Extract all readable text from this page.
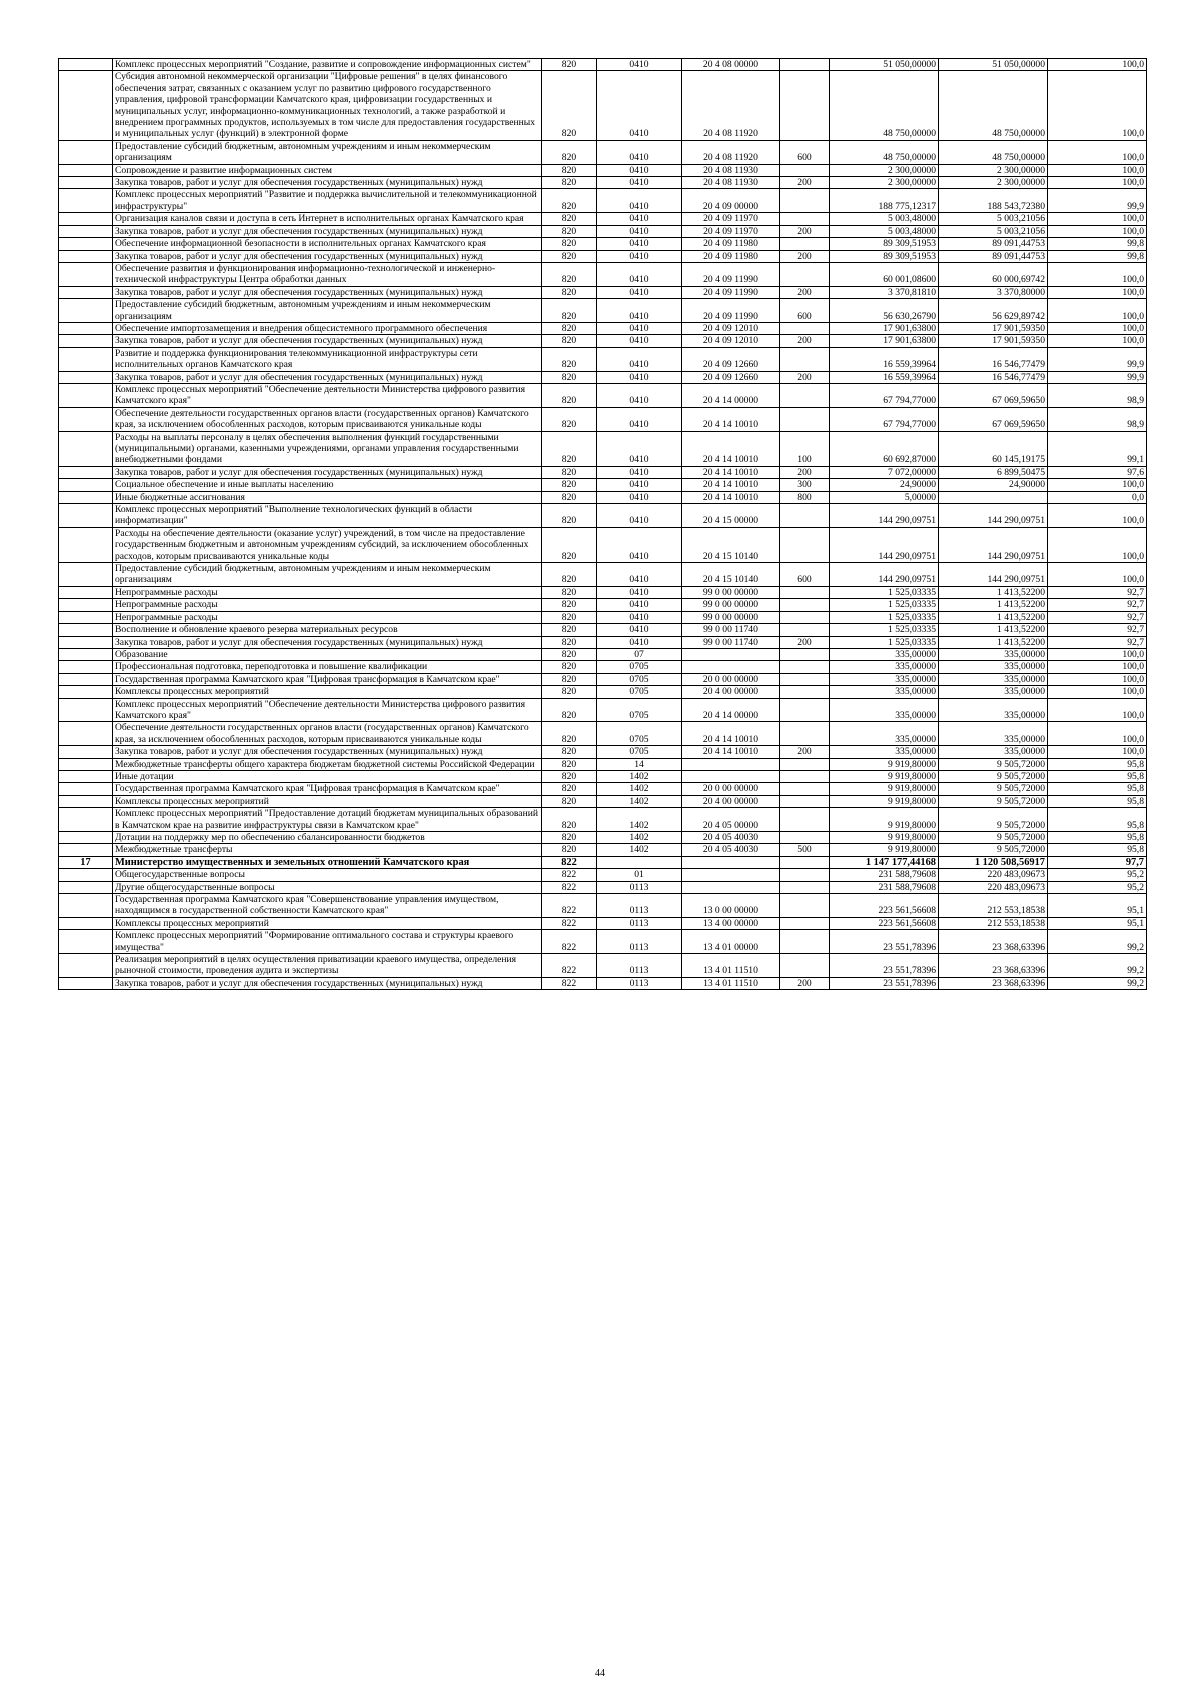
	Комплекс процессных мероприятий "Создание, развитие и сопровождение информационных систем"	820	0410	20 4 08 00000		51 050,00000	51 050,00000	100,0
	Субсидия автономной некоммерческой организации "Цифровые решения" в целях финансового обеспечения затрат, связанных с оказанием услуг по развитию цифрового государственного управления, цифровой трансформации Камчатского края, цифровизации государственных и муниципальных услуг, информационно-коммуникационных технологий, а также разработкой и внедрением программных продуктов, используемых в том числе для предоставления государственных и муниципальных услуг (функций) в электронной форме	820	0410	20 4 08 11920		48 750,00000	48 750,00000	100,0
	Предоставление субсидий бюджетным, автономным учреждениям и иным некоммерческим организациям	820	0410	20 4 08 11920	600	48 750,00000	48 750,00000	100,0
	Сопровождение и развитие информационных систем	820	0410	20 4 08 11930		2 300,00000	2 300,00000	100,0
	Закупка товаров, работ и услуг для обеспечения государственных (муниципальных) нужд	820	0410	20 4 08 11930	200	2 300,00000	2 300,00000	100,0
	Комплекс процессных мероприятий "Развитие и поддержка вычислительной и телекоммуникационной инфраструктуры"	820	0410	20 4 09 00000		188 775,12317	188 543,72380	99,9
	Организация каналов связи и доступа в сеть Интернет в исполнительных органах Камчатского края	820	0410	20 4 09 11970		5 003,48000	5 003,21056	100,0
	Закупка товаров, работ и услуг для обеспечения государственных (муниципальных) нужд	820	0410	20 4 09 11970	200	5 003,48000	5 003,21056	100,0
	Обеспечение информационной безопасности в исполнительных органах Камчатского края	820	0410	20 4 09 11980		89 309,51953	89 091,44753	99,8
	Закупка товаров, работ и услуг для обеспечения государственных (муниципальных) нужд	820	0410	20 4 09 11980	200	89 309,51953	89 091,44753	99,8
	Обеспечение развития и функционирования информационно-технологической и инженерно-технической инфраструктуры Центра обработки данных	820	0410	20 4 09 11990		60 001,08600	60 000,69742	100,0
	Закупка товаров, работ и услуг для обеспечения государственных (муниципальных) нужд	820	0410	20 4 09 11990	200	3 370,81810	3 370,80000	100,0
	Предоставление субсидий бюджетным, автономным учреждениям и иным некоммерческим организациям	820	0410	20 4 09 11990	600	56 630,26790	56 629,89742	100,0
	Обеспечение импортозамещения и внедрения общесистемного программного обеспечения	820	0410	20 4 09 12010		17 901,63800	17 901,59350	100,0
	Закупка товаров, работ и услуг для обеспечения государственных (муниципальных) нужд	820	0410	20 4 09 12010	200	17 901,63800	17 901,59350	100,0
	Развитие и поддержка функционирования телекоммуникационной инфраструктуры сети исполнительных органов Камчатского края	820	0410	20 4 09 12660		16 559,39964	16 546,77479	99,9
	Закупка товаров, работ и услуг для обеспечения государственных (муниципальных) нужд	820	0410	20 4 09 12660	200	16 559,39964	16 546,77479	99,9
	Комплекс процессных мероприятий "Обеспечение деятельности Министерства цифрового развития Камчатского края"	820	0410	20 4 14 00000		67 794,77000	67 069,59650	98,9
	Обеспечение деятельности государственных органов власти (государственных органов) Камчатского края, за исключением обособленных расходов, которым присваиваются уникальные коды	820	0410	20 4 14 10010		67 794,77000	67 069,59650	98,9
	Расходы на выплаты персоналу в целях обеспечения выполнения функций государственными (муниципальными) органами, казенными учреждениями, органами управления государственными внебюджетными фондами	820	0410	20 4 14 10010	100	60 692,87000	60 145,19175	99,1
	Закупка товаров, работ и услуг для обеспечения государственных (муниципальных) нужд	820	0410	20 4 14 10010	200	7 072,00000	6 899,50475	97,6
	Социальное обеспечение и иные выплаты населению	820	0410	20 4 14 10010	300	24,90000	24,90000	100,0
	Иные бюджетные ассигнования	820	0410	20 4 14 10010	800	5,00000		0,0
	Комплекс процессных мероприятий "Выполнение технологических функций в области информатизации"	820	0410	20 4 15 00000		144 290,09751	144 290,09751	100,0
	Расходы на обеспечение деятельности (оказание услуг) учреждений, в том числе на предоставление государственным бюджетным и автономным учреждениям субсидий, за исключением обособленных расходов, которым присваиваются уникальные коды	820	0410	20 4 15 10140		144 290,09751	144 290,09751	100,0
	Предоставление субсидий бюджетным, автономным учреждениям и иным некоммерческим организациям	820	0410	20 4 15 10140	600	144 290,09751	144 290,09751	100,0
	Непрограммные расходы	820	0410	99 0 00 00000		1 525,03335	1 413,52200	92,7
	Непрограммные расходы	820	0410	99 0 00 00000		1 525,03335	1 413,52200	92,7
	Непрограммные расходы	820	0410	99 0 00 00000		1 525,03335	1 413,52200	92,7
	Восполнение и обновление краевого резерва материальных ресурсов	820	0410	99 0 00 11740		1 525,03335	1 413,52200	92,7
	Закупка товаров, работ и услуг для обеспечения государственных (муниципальных) нужд	820	0410	99 0 00 11740	200	1 525,03335	1 413,52200	92,7
	Образование	820	07			335,00000	335,00000	100,0
	Профессиональная подготовка, переподготовка и повышение квалификации	820	0705			335,00000	335,00000	100,0
	Государственная программа Камчатского края "Цифровая трансформация в Камчатском крае"	820	0705	20 0 00 00000		335,00000	335,00000	100,0
	Комплексы процессных мероприятий	820	0705	20 4 00 00000		335,00000	335,00000	100,0
	Комплекс процессных мероприятий "Обеспечение деятельности Министерства цифрового развития Камчатского края"	820	0705	20 4 14 00000		335,00000	335,00000	100,0
	Обеспечение деятельности государственных органов власти (государственных органов) Камчатского края, за исключением обособленных расходов, которым присваиваются уникальные коды	820	0705	20 4 14 10010		335,00000	335,00000	100,0
	Закупка товаров, работ и услуг для обеспечения государственных (муниципальных) нужд	820	0705	20 4 14 10010	200	335,00000	335,00000	100,0
	Межбюджетные трансферты общего характера бюджетам бюджетной системы Российской Федерации	820	14			9 919,80000	9 505,72000	95,8
	Иные дотации	820	1402			9 919,80000	9 505,72000	95,8
	Государственная программа Камчатского края "Цифровая трансформация в Камчатском крае"	820	1402	20 0 00 00000		9 919,80000	9 505,72000	95,8
	Комплексы процессных мероприятий	820	1402	20 4 00 00000		9 919,80000	9 505,72000	95,8
	Комплекс процессных мероприятий "Предоставление дотаций бюджетам муниципальных образований в Камчатском крае на развитие инфраструктуры связи в Камчатском крае"	820	1402	20 4 05 00000		9 919,80000	9 505,72000	95,8
	Дотации на поддержку мер по обеспечению сбалансированности бюджетов	820	1402	20 4 05 40030		9 919,80000	9 505,72000	95,8
	Межбюджетные трансферты	820	1402	20 4 05 40030	500	9 919,80000	9 505,72000	95,8
17	Министерство имущественных и земельных отношений Камчатского края	822				1 147 177,44168	1 120 508,56917	97,7
	Общегосударственные вопросы	822	01			231 588,79608	220 483,09673	95,2
	Другие общегосударственные вопросы	822	0113			231 588,79608	220 483,09673	95,2
	Государственная программа Камчатского края "Совершенствование управления имуществом, находящимся в государственной собственности Камчатского края"	822	0113	13 0 00 00000		223 561,56608	212 553,18538	95,1
	Комплексы процессных мероприятий	822	0113	13 4 00 00000		223 561,56608	212 553,18538	95,1
	Комплекс процессных мероприятий "Формирование оптимального состава и структуры краевого имущества"	822	0113	13 4 01 00000		23 551,78396	23 368,63396	99,2
	Реализация мероприятий в целях осуществления приватизации краевого имущества, определения рыночной стоимости, проведения аудита и экспертизы	822	0113	13 4 01 11510		23 551,78396	23 368,63396	99,2
	Закупка товаров, работ и услуг для обеспечения государственных (муниципальных) нужд	822	0113	13 4 01 11510	200	23 551,78396	23 368,63396	99,2
44
